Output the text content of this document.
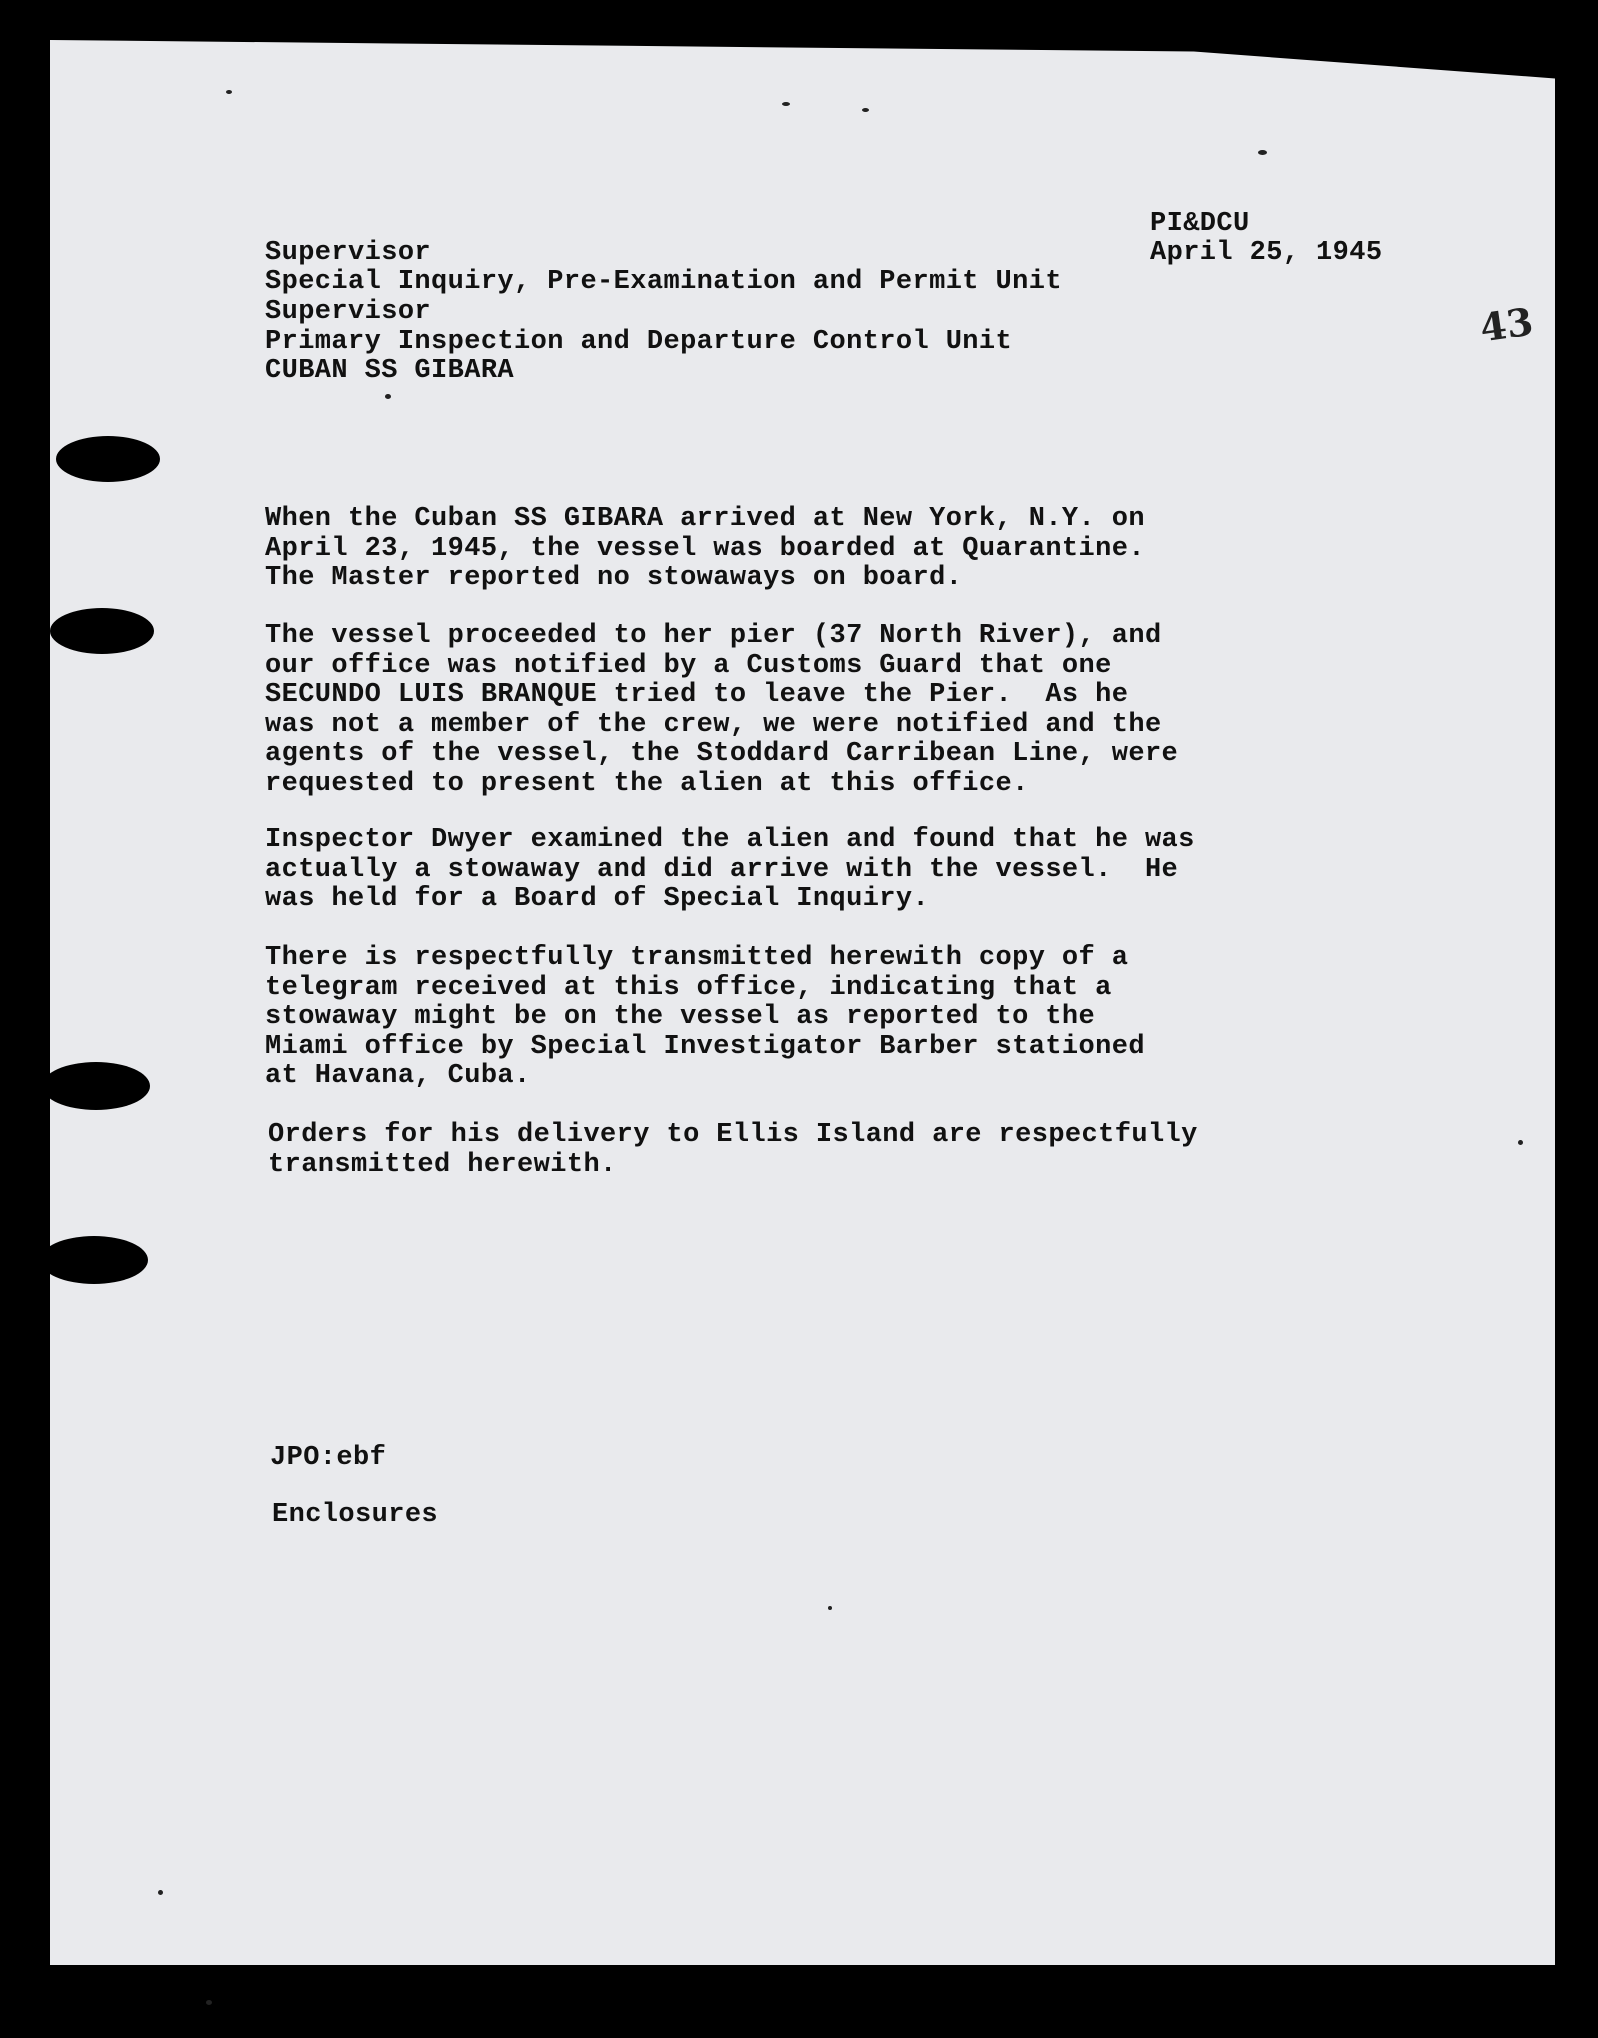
PI&DCU

April 25, 1945

43

Supervisor

Special Inquiry, Pre-Examination and Permit Unit

Supervisor

Primary Inspection and Departure Control Unit

CUBAN SS GIBARA

When the Cuban SS GIBARA arrived at New York, N.Y. on
April 23, 1945, the vessel was boarded at Quarantine.
The Master reported no stowaways on board.

The vessel proceeded to her pier (37 North River), and
our office was notified by a Customs Guard that one
SECUNDO LUIS BRANQUE tried to leave the Pier.  As he
was not a member of the crew, we were notified and the
agents of the vessel, the Stoddard Carribean Line, were
requested to present the alien at this office.

Inspector Dwyer examined the alien and found that he was
actually a stowaway and did arrive with the vessel.  He
was held for a Board of Special Inquiry.

There is respectfully transmitted herewith copy of a
telegram received at this office, indicating that a
stowaway might be on the vessel as reported to the
Miami office by Special Investigator Barber stationed
at Havana, Cuba.

Orders for his delivery to Ellis Island are respectfully
transmitted herewith.

JPO:ebf

Enclosures
